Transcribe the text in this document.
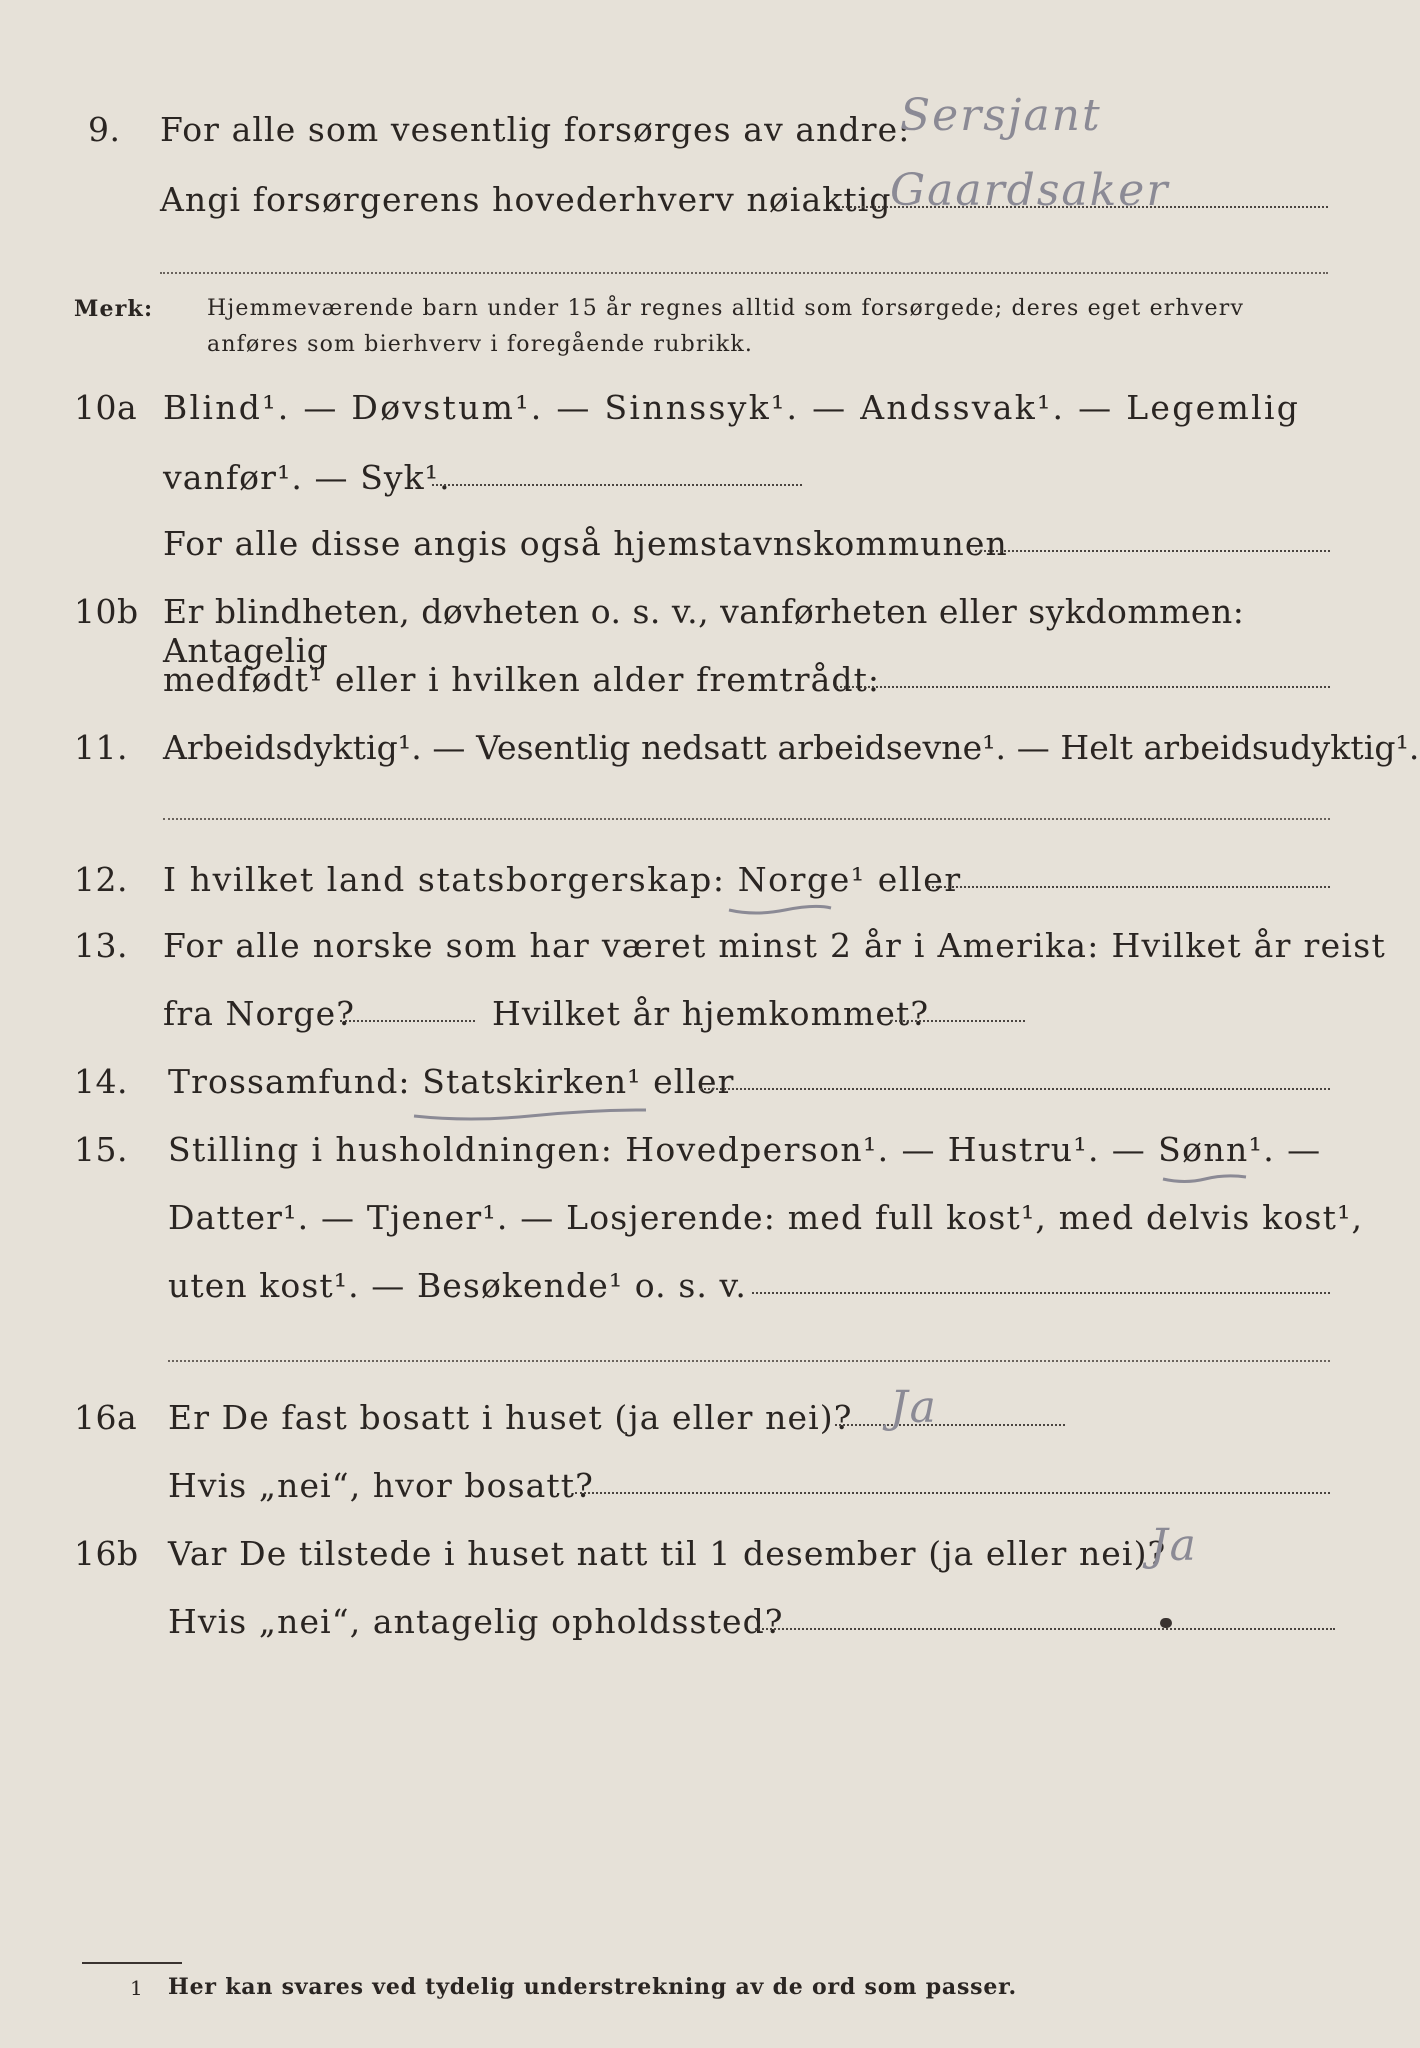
9. For alle som vesentlig forsørges av andre:
Sersjant
Angi forsørgerens hovederhverv nøiaktig
Gaardsaker
Merk: Hjemmeværende barn under 15 år regnes alltid som forsørgede; deres eget erhverv
anføres som bierhverv i foregående rubrikk.
10a Blind¹. — Døvstum¹. — Sinnssyk¹. — Andssvak¹. — Legemlig
vanfør¹. — Syk¹.
For alle disse angis også hjemstavnskommunen
10b Er blindheten, døvheten o. s. v., vanførheten eller sykdommen: Antagelig
medfødt¹ eller i hvilken alder fremtrådt:
11. Arbeidsdyktig¹. — Vesentlig nedsatt arbeidsevne¹. — Helt arbeidsudyktig¹.
12. I hvilket land statsborgerskap: Norge¹ eller
13. For alle norske som har været minst 2 år i Amerika: Hvilket år reist
fra Norge?	Hvilket år hjemkommet?
14. Trossamfund: Statskirken¹ eller
15. Stilling i husholdningen: Hovedperson¹. — Hustru¹. — Sønn¹. —
Datter¹. — Tjener¹. — Losjerende: med full kost¹, med delvis kost¹,
uten kost¹. — Besøkende¹ o. s. v.
16a Er De fast bosatt i huset (ja eller nei)? Ja
Hvis „nei“, hvor bosatt?
16b Var De tilstede i huset natt til 1 desember (ja eller nei)?
Ja
Hvis „nei“, antagelig opholdssted?
1 Her kan svares ved tydelig understrekning av de ord som passer.
